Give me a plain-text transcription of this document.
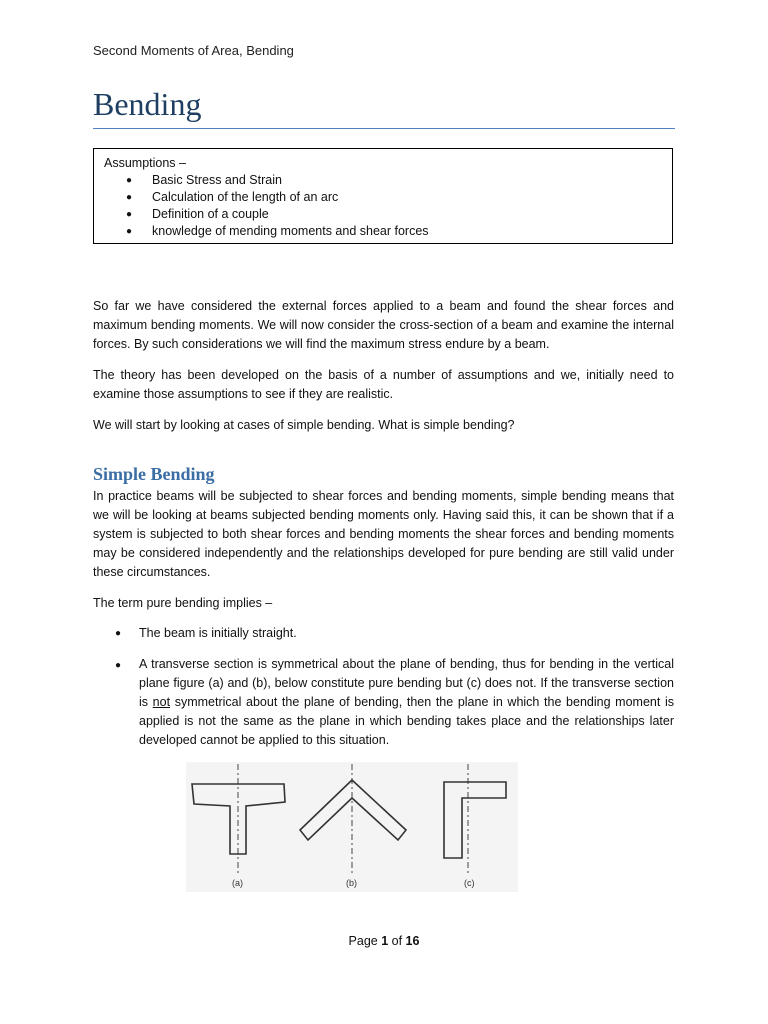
Second Moments of Area, Bending
Bending
Assumptions –
● Basic Stress and Strain
● Calculation of the length of an arc
● Definition of a couple
● knowledge of mending moments and shear forces

So far we have considered the external forces applied to a beam and found the shear forces and maximum bending moments. We will now consider the cross-section of a beam and examine the internal forces. By such considerations we will find the maximum stress endure by a beam.

The theory has been developed on the basis of a number of assumptions and we, initially need to examine those assumptions to see if they are realistic.

We will start by looking at cases of simple bending. What is simple bending?

Simple Bending

In practice beams will be subjected to shear forces and bending moments, simple bending means that we will be looking at beams subjected bending moments only. Having said this, it can be shown that if a system is subjected to both shear forces and bending moments the shear forces and bending moments may be considered independently and the relationships developed for pure bending are still valid under these circumstances.

The term pure bending implies –

● The beam is initially straight.

● A transverse section is symmetrical about the plane of bending, thus for bending in the vertical plane figure (a) and (b), below constitute pure bending but (c) does not. If the transverse section is not symmetrical about the plane of bending, then the plane in which the bending moment is applied is not the same as the plane in which bending takes place and the relationships later developed cannot be applied to this situation.

(a)	(b)	(c)
Page 1 of 16
